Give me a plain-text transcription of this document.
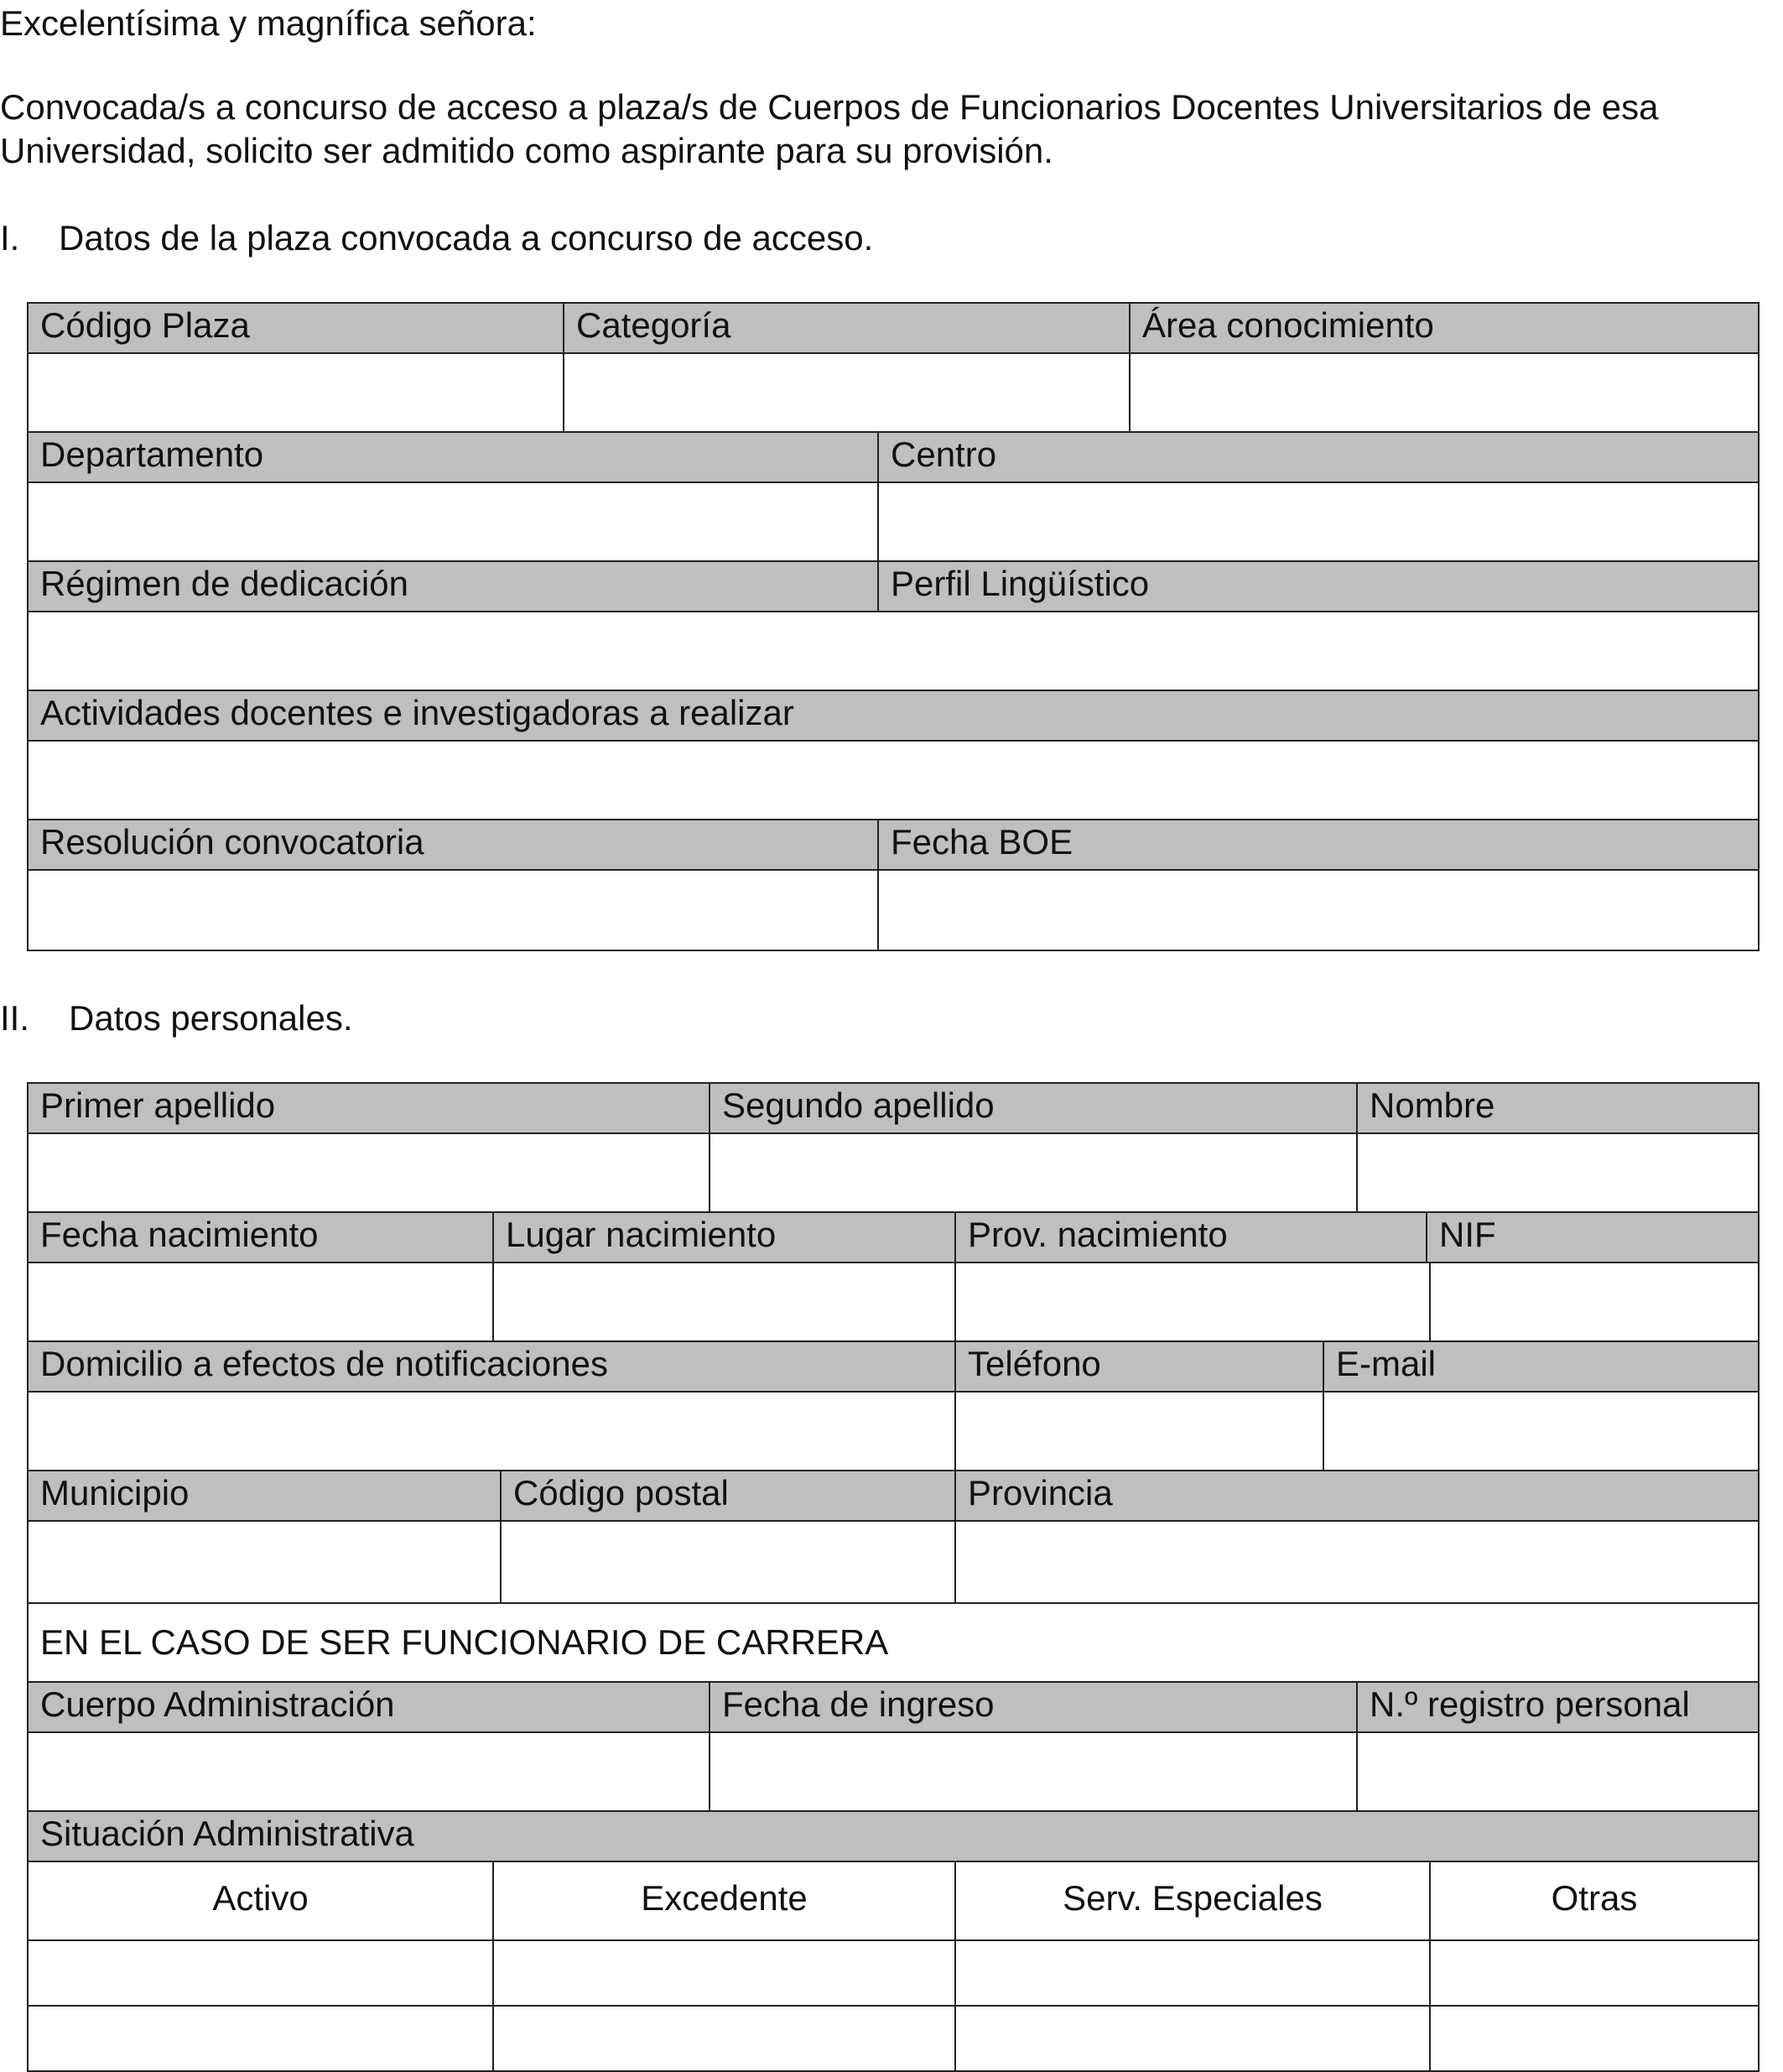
Excelentísima y magnífica señora:
Convocada/s a concurso de acceso a plaza/s de Cuerpos de Funcionarios Docentes Universitarios de esa
Universidad, solicito ser admitido como aspirante para su provisión.
I. Datos de la plaza convocada a concurso de acceso.
Código Plaza	Categoría	Área conocimiento
Departamento	Centro
Régimen de dedicación	Perfil Lingüístico
Actividades docentes e investigadoras a realizar
Resolución convocatoria	Fecha BOE
II. Datos personales.
Primer apellido	Segundo apellido	Nombre
Fecha nacimiento	Lugar nacimiento	Prov. nacimiento	NIF
Domicilio a efectos de notificaciones	Teléfono	E-mail
Municipio	Código postal	Provincia
EN EL CASO DE SER FUNCIONARIO DE CARRERA
Cuerpo Administración	Fecha de ingreso	N.º registro personal
Situación Administrativa
Activo	Excedente	Serv. Especiales	Otras
